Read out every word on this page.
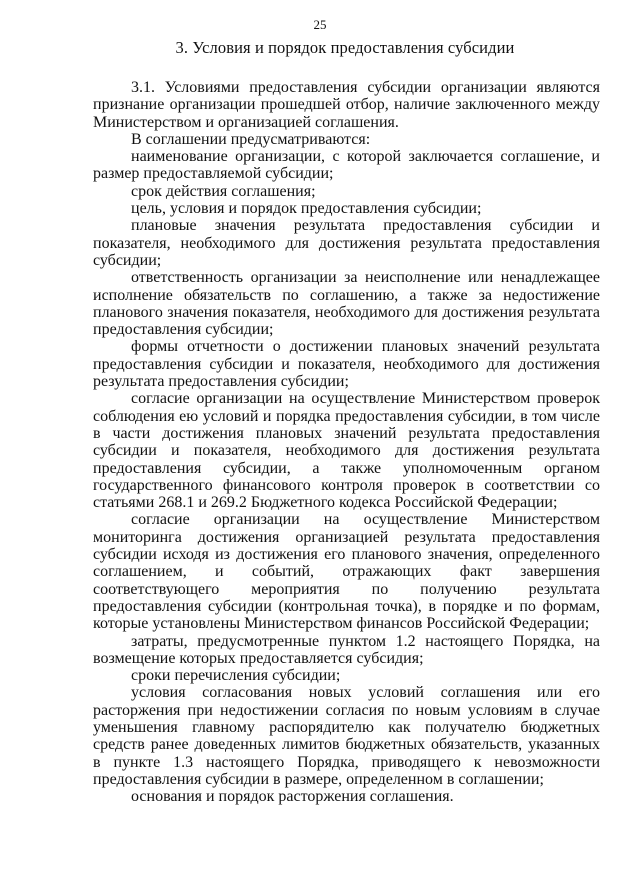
25
3. Условия и порядок предоставления субсидии

3.1. Условиями предоставления субсидии организации являются признание организации прошедшей отбор, наличие заключенного между Министерством и организацией соглашения.

В соглашении предусматриваются:

наименование организации, с которой заключается соглашение, и размер предоставляемой субсидии;

срок действия соглашения;

цель, условия и порядок предоставления субсидии;

плановые значения результата предоставления субсидии и показателя, необходимого для достижения результата предоставления субсидии;

ответственность организации за неисполнение или ненадлежащее исполнение обязательств по соглашению, а также за недостижение планового значения показателя, необходимого для достижения результата предоставления субсидии;

формы отчетности о достижении плановых значений результата предоставления субсидии и показателя, необходимого для достижения результата предоставления субсидии;

согласие организации на осуществление Министерством проверок соблюдения ею условий и порядка предоставления субсидии, в том числе в части достижения плановых значений результата предоставления субсидии и показателя, необходимого для достижения результата предоставления субсидии, а также уполномоченным органом государственного финансового контроля проверок в соответствии со статьями 268.1 и 269.2 Бюджетного кодекса Российской Федерации;

согласие организации на осуществление Министерством мониторинга достижения организацией результата предоставления субсидии исходя из достижения его планового значения, определенного соглашением, и событий, отражающих факт завершения соответствующего мероприятия по получению результата предоставления субсидии (контрольная точка), в порядке и по формам, которые установлены Министерством финансов Российской Федерации;

затраты, предусмотренные пунктом 1.2 настоящего Порядка, на возмещение которых предоставляется субсидия;

сроки перечисления субсидии;

условия согласования новых условий соглашения или его расторжения при недостижении согласия по новым условиям в случае уменьшения главному распорядителю как получателю бюджетных средств ранее доведенных лимитов бюджетных обязательств, указанных в пункте 1.3 настоящего Порядка, приводящего к невозможности предоставления субсидии в размере, определенном в соглашении;

основания и порядок расторжения соглашения.
